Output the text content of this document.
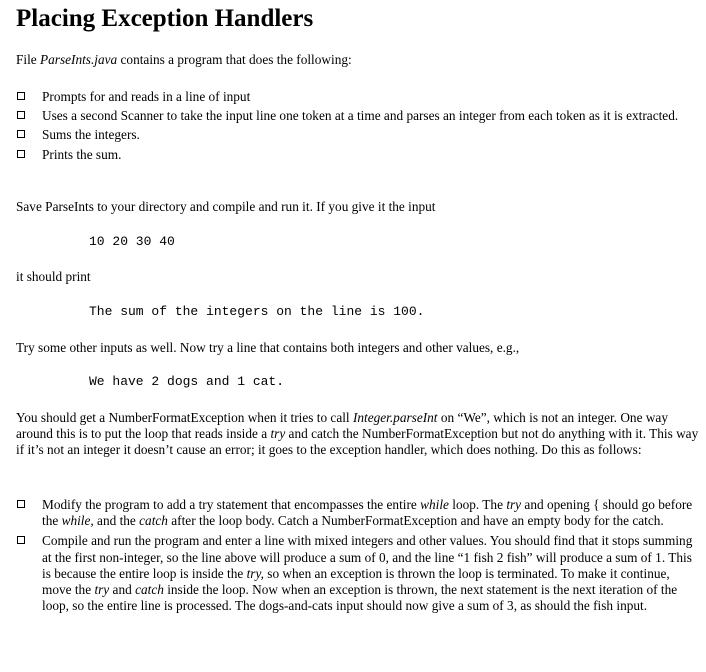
Placing Exception Handlers

File ParseInts.java contains a program that does the following:

Prompts for and reads in a line of input
Uses a second Scanner to take the input line one token at a time and parses an integer from each token as it is extracted.
Sums the integers.
Prints the sum.

Save ParseInts to your directory and compile and run it. If you give it the input

10 20 30 40

it should print

The sum of the integers on the line is 100.

Try some other inputs as well. Now try a line that contains both integers and other values, e.g.,

We have 2 dogs and 1 cat.

You should get a NumberFormatException when it tries to call Integer.parseInt on “We”, which is not an integer. One way around this is to put the loop that reads inside a try and catch the NumberFormatException but not do anything with it. This way if it’s not an integer it doesn’t cause an error; it goes to the exception handler, which does nothing. Do this as follows:

Modify the program to add a try statement that encompasses the entire while loop. The try and opening { should go before the while, and the catch after the loop body. Catch a NumberFormatException and have an empty body for the catch.
Compile and run the program and enter a line with mixed integers and other values. You should find that it stops summing at the first non-integer, so the line above will produce a sum of 0, and the line “1 fish 2 fish” will produce a sum of 1. This is because the entire loop is inside the try, so when an exception is thrown the loop is terminated. To make it continue, move the try and catch inside the loop. Now when an exception is thrown, the next statement is the next iteration of the loop, so the entire line is processed. The dogs-and-cats input should now give a sum of 3, as should the fish input.
